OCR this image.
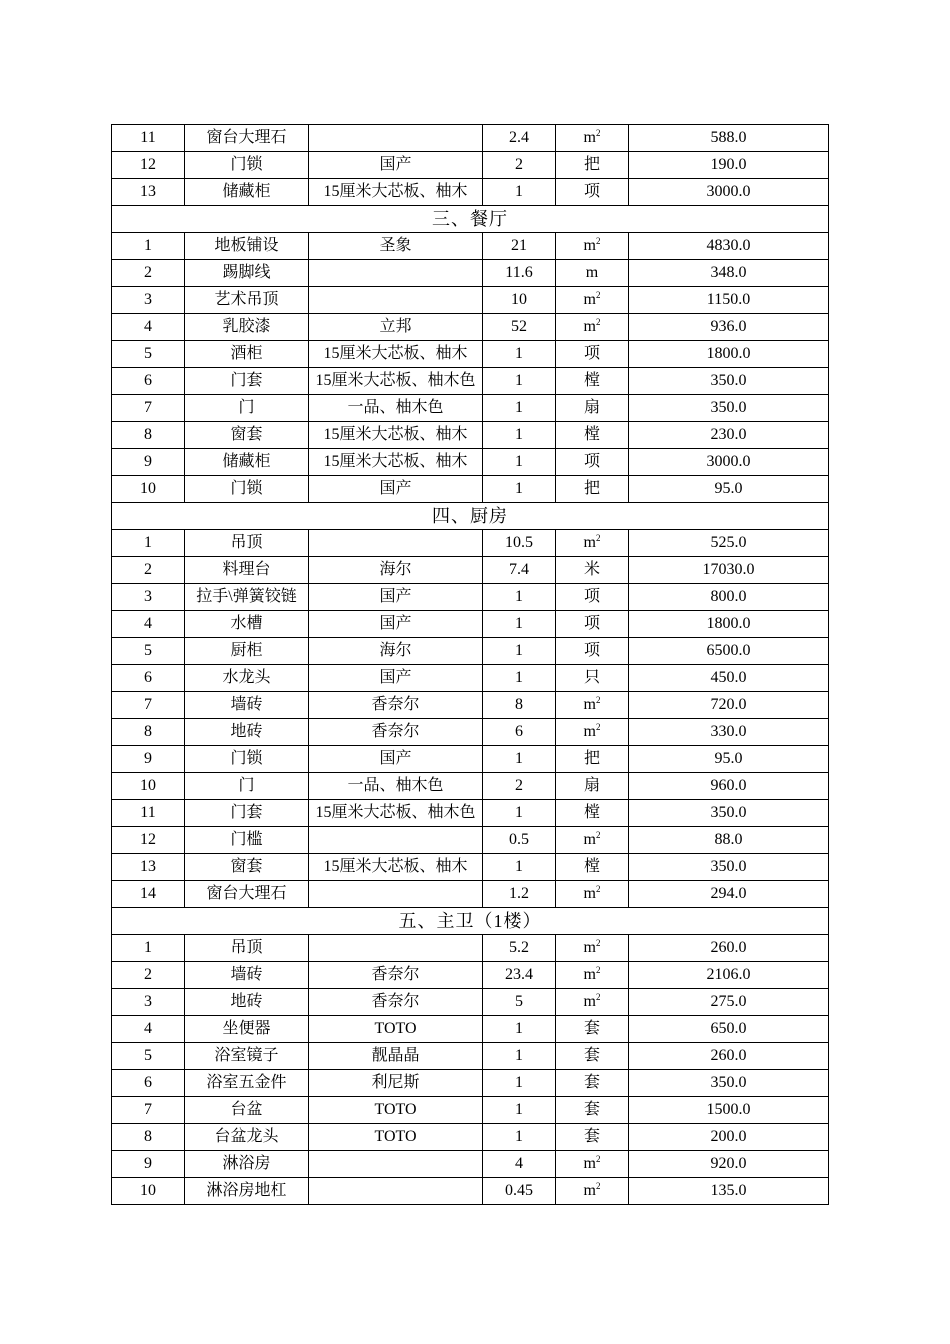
11	窗台大理石		2.4	$m^2$	588.0
12	门锁	国产	2	把	190.0
13	储藏柜	15厘米大芯板、柚木	1	项	3000.0
三、餐厅					
1	地板铺设	圣象	21	$m^2$	4830.0
2	踢脚线		11.6	m	348.0
3	艺术吊顶		10	$m^2$	1150.0
4	乳胶漆	立邦	52	$m^2$	936.0
5	酒柜	15厘米大芯板、柚木	1	项	1800.0
6	门套	15厘米大芯板、柚木色	1	樘	350.0
7	门	一品、柚木色	1	扇	350.0
8	窗套	15厘米大芯板、柚木	1	樘	230.0
9	储藏柜	15厘米大芯板、柚木	1	项	3000.0
10	门锁	国产	1	把	95.0
四、厨房					
1	吊顶		10.5	$m^2$	525.0
2	料理台	海尔	7.4	米	17030.0
3	拉手\弹簧铰链	国产	1	项	800.0
4	水槽	国产	1	项	1800.0
5	厨柜	海尔	1	项	6500.0
6	水龙头	国产	1	只	450.0
7	墙砖	香奈尔	8	$m^2$	720.0
8	地砖	香奈尔	6	$m^2$	330.0
9	门锁	国产	1	把	95.0
10	门	一品、柚木色	2	扇	960.0
11	门套	15厘米大芯板、柚木色	1	樘	350.0
12	门槛		0.5	$m^2$	88.0
13	窗套	15厘米大芯板、柚木	1	樘	350.0
14	窗台大理石		1.2	$m^2$	294.0
五、主卫（1楼）					
1	吊顶		5.2	$m^2$	260.0
2	墙砖	香奈尔	23.4	$m^2$	2106.0
3	地砖	香奈尔	5	$m^2$	275.0
4	坐便器	TOTO	1	套	650.0
5	浴室镜子	靓晶晶	1	套	260.0
6	浴室五金件	利尼斯	1	套	350.0
7	台盆	TOTO	1	套	1500.0
8	台盆龙头	TOTO	1	套	200.0
9	淋浴房		4	$m^2$	920.0
10	淋浴房地杠		0.45	$m^2$	135.0
